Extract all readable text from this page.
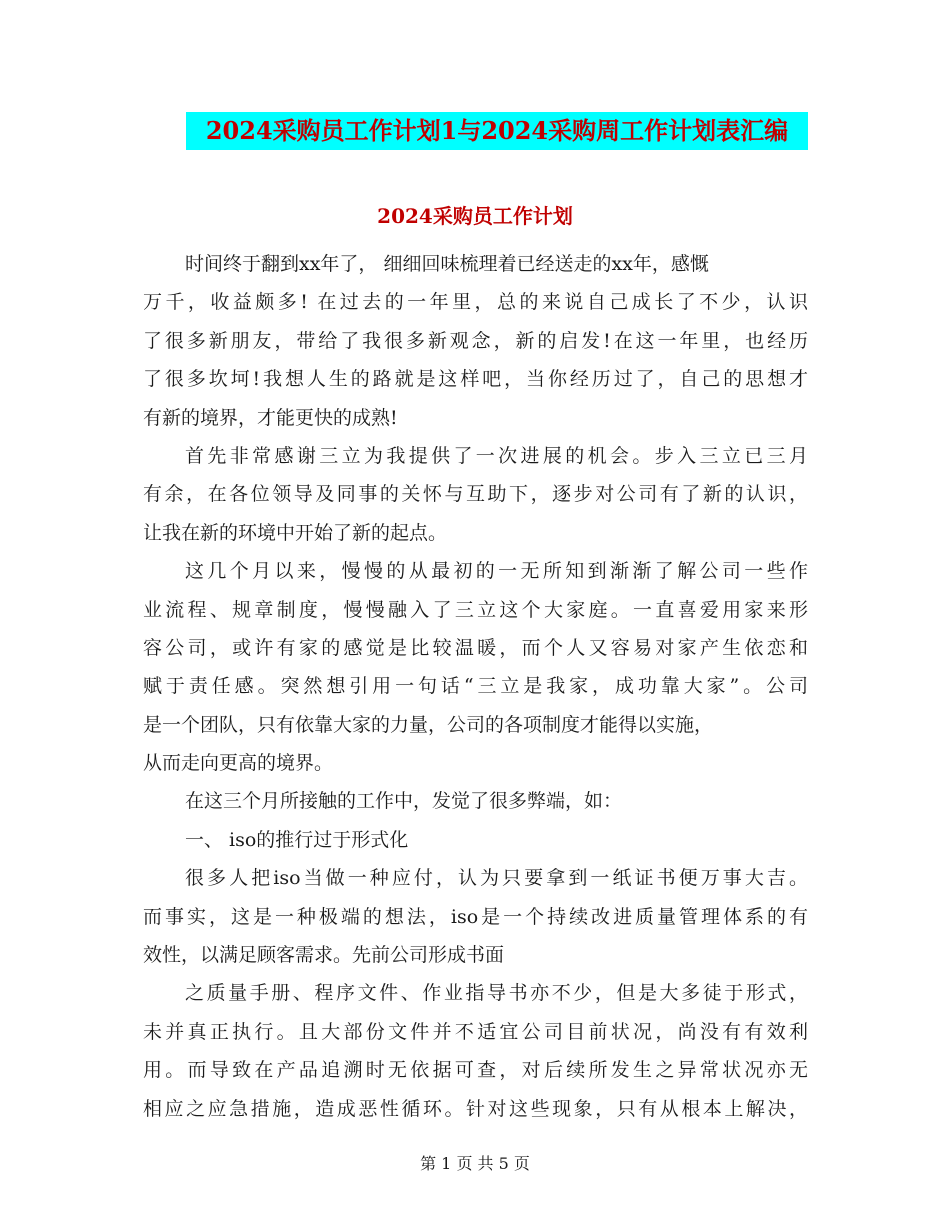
2024采购员工作计划1与2024采购周工作计划表汇编
2024采购员工作计划
时间终于翻到xx年了， 细细回味梳理着已经送走的xx年，感慨
万千，收益颇多! 在过去的一年里，总的来说自己成长了不少，认识
了很多新朋友，带给了我很多新观念，新的启发!在这一年里，也经历
了很多坎坷!我想人生的路就是这样吧，当你经历过了，自己的思想才
有新的境界，才能更快的成熟!
首先非常感谢三立为我提供了一次进展的机会。步入三立已三月
有余，在各位领导及同事的关怀与互助下，逐步对公司有了新的认识，
让我在新的环境中开始了新的起点。
这几个月以来，慢慢的从最初的一无所知到渐渐了解公司一些作
业流程、规章制度，慢慢融入了三立这个大家庭。一直喜爱用家来形
容公司，或许有家的感觉是比较温暖，而个人又容易对家产生依恋和
赋于责任感。突然想引用一句话“三立是我家，成功靠大家”。公司
是一个团队，只有依靠大家的力量，公司的各项制度才能得以实施，
从而走向更高的境界。
在这三个月所接触的工作中，发觉了很多弊端，如：
一、 iso的推行过于形式化
很多人把iso当做一种应付，认为只要拿到一纸证书便万事大吉。
而事实，这是一种极端的想法，iso是一个持续改进质量管理体系的有
效性，以满足顾客需求。先前公司形成书面
之质量手册、程序文件、作业指导书亦不少，但是大多徒于形式，
未并真正执行。且大部份文件并不适宜公司目前状况，尚没有有效利
用。而导致在产品追溯时无依据可查，对后续所发生之异常状况亦无
相应之应急措施，造成恶性循环。针对这些现象，只有从根本上解决，
第 1 页 共 5 页
